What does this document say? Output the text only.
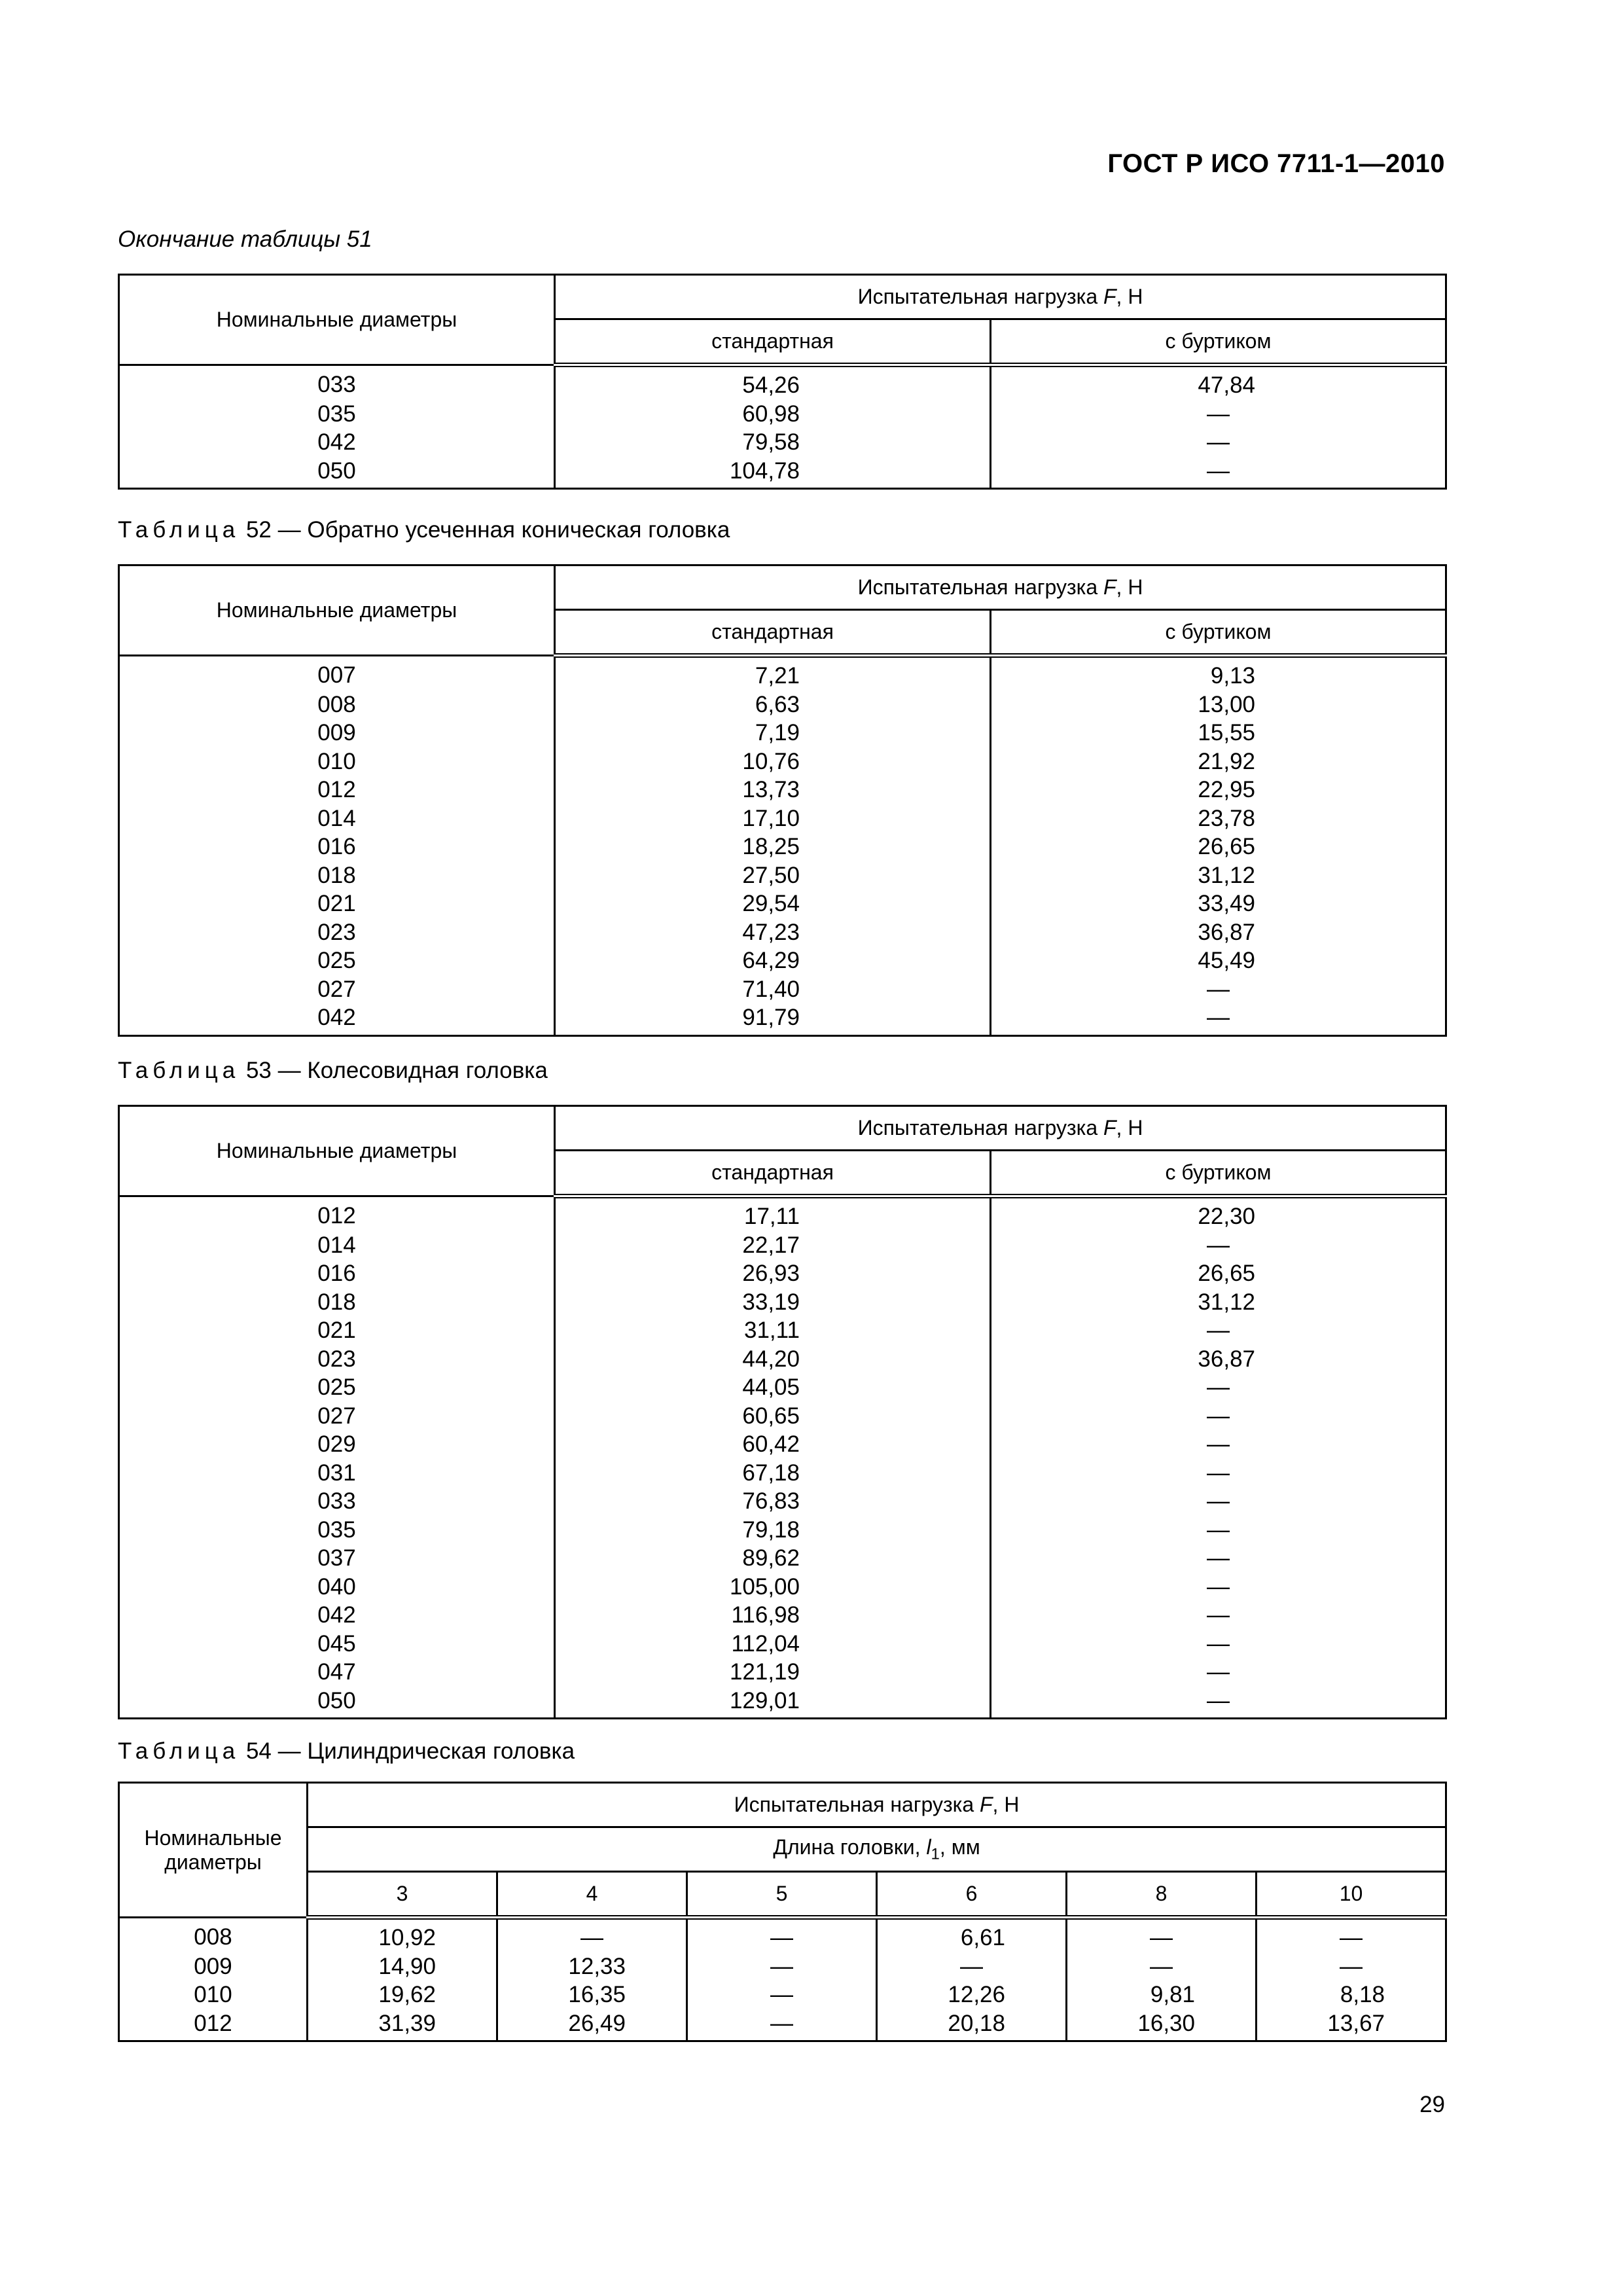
ГОСТ Р ИСО 7711-1—2010
Окончание таблицы 51
Номинальные диаметры	Испытательная нагрузка F, Н	
	стандартная	с буртиком
033	54,26	47,84
035	60,98	—
042	79,58	—
050	104,78	—
Таблица 52 — Обратно усеченная коническая головка
Номинальные диаметры	Испытательная нагрузка F, Н	
	стандартная	с буртиком
007	7,21	9,13
008	6,63	13,00
009	7,19	15,55
010	10,76	21,92
012	13,73	22,95
014	17,10	23,78
016	18,25	26,65
018	27,50	31,12
021	29,54	33,49
023	47,23	36,87
025	64,29	45,49
027	71,40	—
042	91,79	—
Таблица 53 — Колесовидная головка
Номинальные диаметры	Испытательная нагрузка F, Н	
	стандартная	с буртиком
012	17,11	22,30
014	22,17	—
016	26,93	26,65
018	33,19	31,12
021	31,11	—
023	44,20	36,87
025	44,05	—
027	60,65	—
029	60,42	—
031	67,18	—
033	76,83	—
035	79,18	—
037	89,62	—
040	105,00	—
042	116,98	—
045	112,04	—
047	121,19	—
050	129,01	—
Таблица 54 — Цилиндрическая головка
Номинальные
диаметры	Испытательная нагрузка F, Н					
	Длина головки, $l_1$, мм					
	3	4	5	6	8	10
008	10,92	—	—	6,61	—	—
009	14,90	12,33	—	—	—	—
010	19,62	16,35	—	12,26	9,81	8,18
012	31,39	26,49	—	20,18	16,30	13,67
29
